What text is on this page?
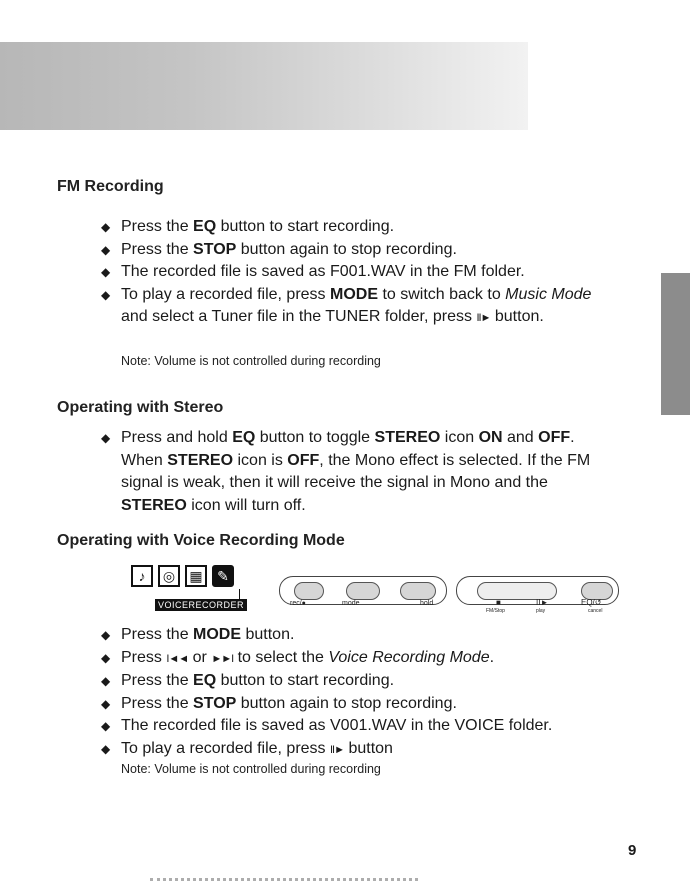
FM Recording
◆ Press the EQ button to start recording.
◆ Press the STOP button again to stop recording.
◆ The recorded file is saved as F001.WAV in the FM folder.
◆ To play a recorded file, press MODE to switch back to Music Mode and select a Tuner file in the TUNER folder, press II► button.

Note: Volume is not controlled during recording

Operating with Stereo
◆ Press and hold EQ button to toggle STEREO icon ON and OFF. When STEREO icon is OFF, the Mono effect is selected. If the FM signal is weak, then it will receive the signal in Mono and the STEREO icon will turn off.
Operating with Voice Recording Mode
♪	◎	▦	✎
VOICERECORDER	rec/●	mode	hold	■
FM/Stop
II►
play
EQ/↺
cancel
◆ Press the MODE button.
◆ Press I◄◄ or ►►I to select the Voice Recording Mode.
◆ Press the EQ button to start recording.
◆ Press the STOP button again to stop recording.
◆ The recorded file is saved as V001.WAV in the VOICE folder.
◆ To play a recorded file, press II► button

Note: Volume is not controlled during recording

9
